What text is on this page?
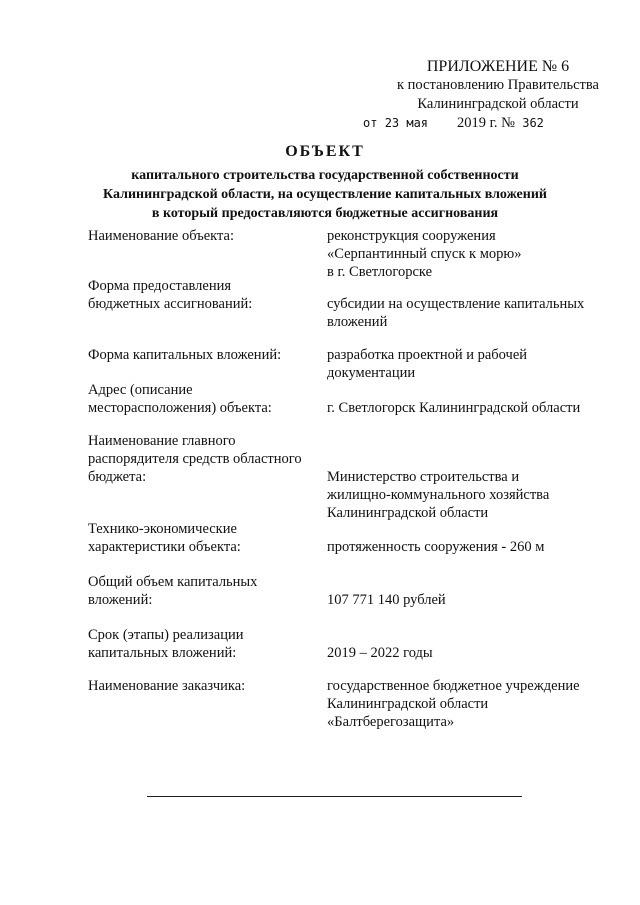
ПРИЛОЖЕНИЕ № 6
к постановлению Правительства
Калининградской области
от 23 мая 2019 г. № 362
ОБЪЕКТ
капитального строительства государственной собственности
Калининградской области, на осуществление капитальных вложений
в который предоставляются бюджетные ассигнования
Наименование объекта:	реконструкция сооружения
«Серпантинный спуск к морю»
в г. Светлогорске
Форма предоставления
бюджетных ассигнований:	субсидии на осуществление капитальных
вложений
Форма капитальных вложений:	разработка проектной и рабочей
документации
Адрес (описание
месторасположения) объекта:	г. Светлогорск Калининградской области
Наименование главного
распорядителя средств областного
бюджета:	Министерство строительства и
жилищно-коммунального хозяйства
Калининградской области
Технико-экономические
характеристики объекта:	протяженность сооружения - 260 м
Общий объем капитальных
вложений:	107 771 140 рублей
Срок (этапы) реализации
капитальных вложений:	2019 – 2022 годы
Наименование заказчика:	государственное бюджетное учреждение
Калининградской области
«Балтберегозащита»
